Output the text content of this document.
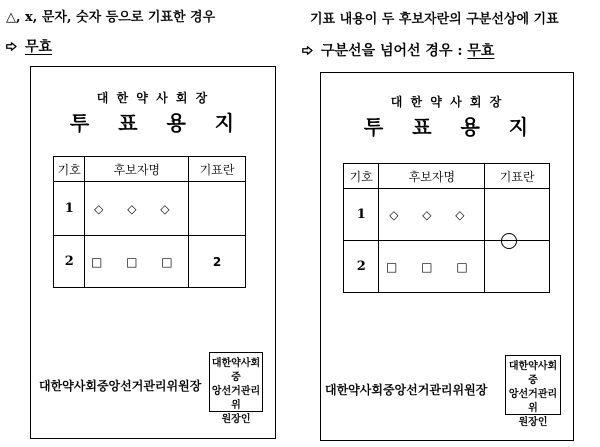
△, x, 문자, 숫자 등으로 기표한 경우
무효
기표 내용이 두 후보자란의 구분선상에 기표
구분선을 넘어선 경우 : 무효
대 한 약 사 회 장
투 표 용 지
기호	후보자명	기표란
1	◇ ◇ ◇	
2	□ □ □	2
대한약사회중앙선거관리위원장
대한약사회중
앙선거관리위
원장인
대 한 약 사 회 장
투 표 용 지
기호	후보자명	기표란
1	◇ ◇ ◇	

2	□ □ □	
대한약사회중앙선거관리위원장
대한약사회중
앙선거관리위
원장인
